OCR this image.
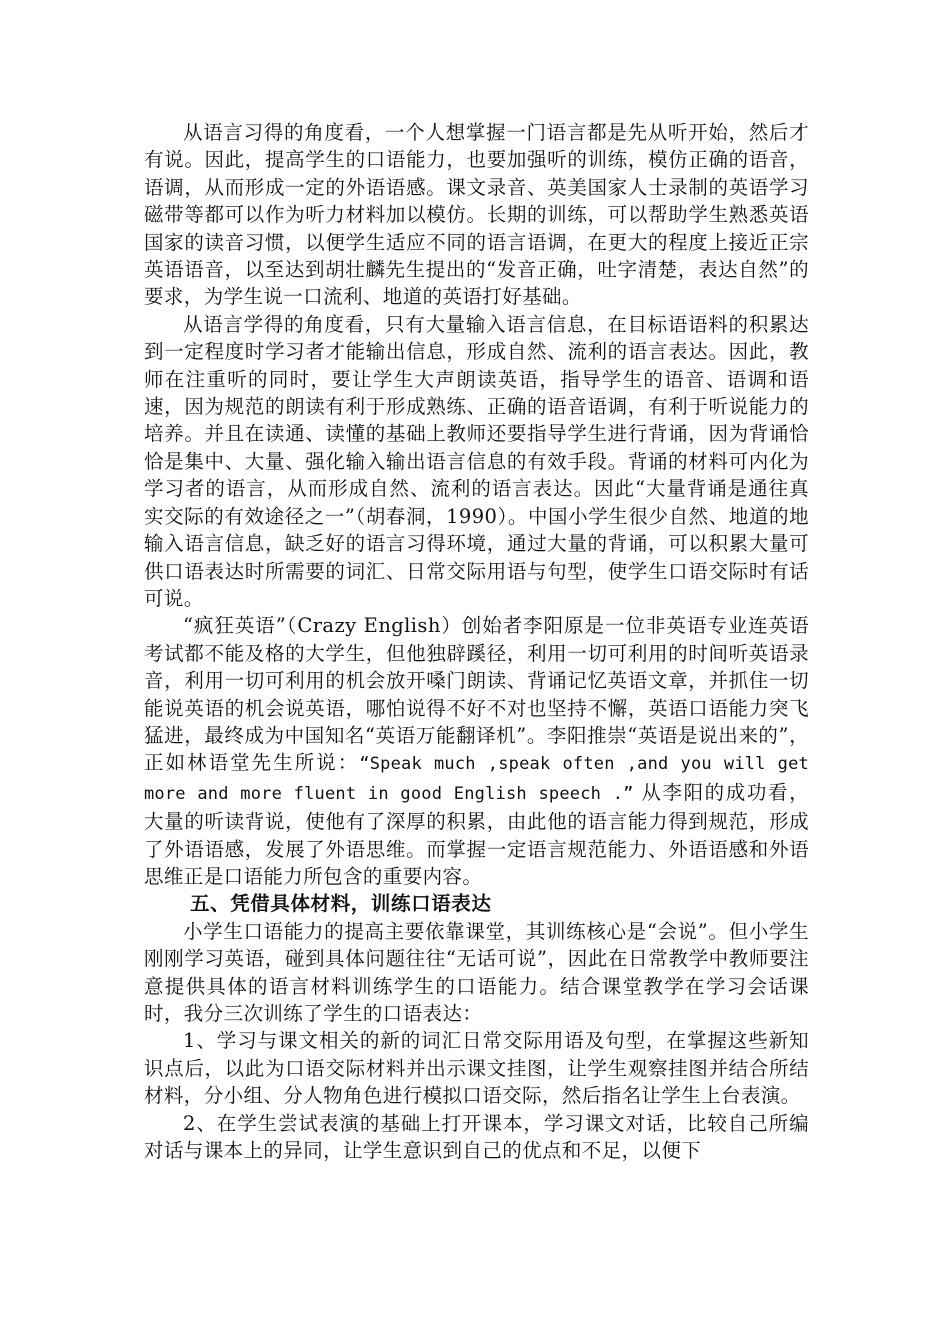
从语言习得的角度看，一个人想掌握一门语言都是先从听开始，然后才有说。因此，提高学生的口语能力，也要加强听的训练，模仿正确的语音，语调，从而形成一定的外语语感。课文录音、英美国家人士录制的英语学习磁带等都可以作为听力材料加以模仿。长期的训练，可以帮助学生熟悉英语国家的读音习惯，以便学生适应不同的语言语调，在更大的程度上接近正宗英语语音，以至达到胡壮麟先生提出的“发音正确，吐字清楚，表达自然”的要求，为学生说一口流利、地道的英语打好基础。

从语言学得的角度看，只有大量输入语言信息，在目标语语料的积累达到一定程度时学习者才能输出信息，形成自然、流利的语言表达。因此，教师在注重听的同时，要让学生大声朗读英语，指导学生的语音、语调和语速，因为规范的朗读有利于形成熟练、正确的语音语调，有利于听说能力的培养。并且在读通、读懂的基础上教师还要指导学生进行背诵，因为背诵恰恰是集中、大量、强化输入输出语言信息的有效手段。背诵的材料可内化为学习者的语言，从而形成自然、流利的语言表达。因此“大量背诵是通往真实交际的有效途径之一”（胡春洞，1990）。中国小学生很少自然、地道的地输入语言信息，缺乏好的语言习得环境，通过大量的背诵，可以积累大量可供口语表达时所需要的词汇、日常交际用语与句型，使学生口语交际时有话可说。

“疯狂英语”（Crazy English）创始者李阳原是一位非英语专业连英语考试都不能及格的大学生，但他独辟蹊径，利用一切可利用的时间听英语录音，利用一切可利用的机会放开嗓门朗读、背诵记忆英语文章，并抓住一切能说英语的机会说英语，哪怕说得不好不对也坚持不懈，英语口语能力突飞猛进，最终成为中国知名“英语万能翻译机”。李阳推崇“英语是说出来的”，正如林语堂先生所说：“Speak much ,speak often ,and you will get more and more fluent in good English speech .” 从李阳的成功看，大量的听读背说，使他有了深厚的积累，由此他的语言能力得到规范，形成了外语语感，发展了外语思维。而掌握一定语言规范能力、外语语感和外语思维正是口语能力所包含的重要内容。

五、凭借具体材料，训练口语表达

小学生口语能力的提高主要依靠课堂，其训练核心是“会说”。但小学生刚刚学习英语，碰到具体问题往往“无话可说”，因此在日常教学中教师要注意提供具体的语言材料训练学生的口语能力。结合课堂教学在学习会话课时，我分三次训练了学生的口语表达：

1、学习与课文相关的新的词汇日常交际用语及句型，在掌握这些新知识点后，以此为口语交际材料并出示课文挂图，让学生观察挂图并结合所结材料，分小组、分人物角色进行模拟口语交际，然后指名让学生上台表演。

2、在学生尝试表演的基础上打开课本，学习课文对话，比较自己所编对话与课本上的异同，让学生意识到自己的优点和不足，以便下
